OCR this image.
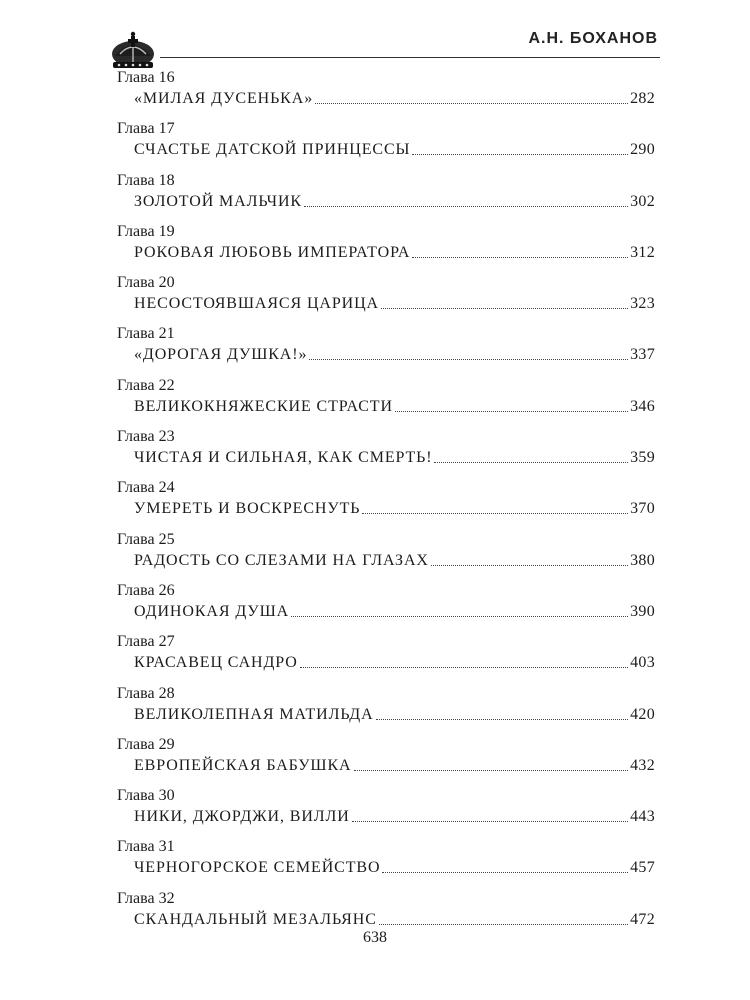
А.Н. БОХАНОВ
Глава 16
«МИЛАЯ ДУСЕНЬКА»	282
Глава 17
СЧАСТЬЕ ДАТСКОЙ ПРИНЦЕССЫ	290
Глава 18
ЗОЛОТОЙ МАЛЬЧИК	302
Глава 19
РОКОВАЯ ЛЮБОВЬ ИМПЕРАТОРА	312
Глава 20
НЕСОСТОЯВШАЯСЯ ЦАРИЦА	323
Глава 21
«ДОРОГАЯ ДУШКА!»	337
Глава 22
ВЕЛИКОКНЯЖЕСКИЕ СТРАСТИ	346
Глава 23
ЧИСТАЯ И СИЛЬНАЯ, КАК СМЕРТЬ!	359
Глава 24
УМЕРЕТЬ И ВОСКРЕСНУТЬ	370
Глава 25
РАДОСТЬ СО СЛЕЗАМИ НА ГЛАЗАХ	380
Глава 26
ОДИНОКАЯ ДУША	390
Глава 27
КРАСАВЕЦ САНДРО	403
Глава 28
ВЕЛИКОЛЕПНАЯ МАТИЛЬДА	420
Глава 29
ЕВРОПЕЙСКАЯ БАБУШКА	432
Глава 30
НИКИ, ДЖОРДЖИ, ВИЛЛИ	443
Глава 31
ЧЕРНОГОРСКОЕ СЕМЕЙСТВО	457
Глава 32
СКАНДАЛЬНЫЙ МЕЗАЛЬЯНС	472
638
